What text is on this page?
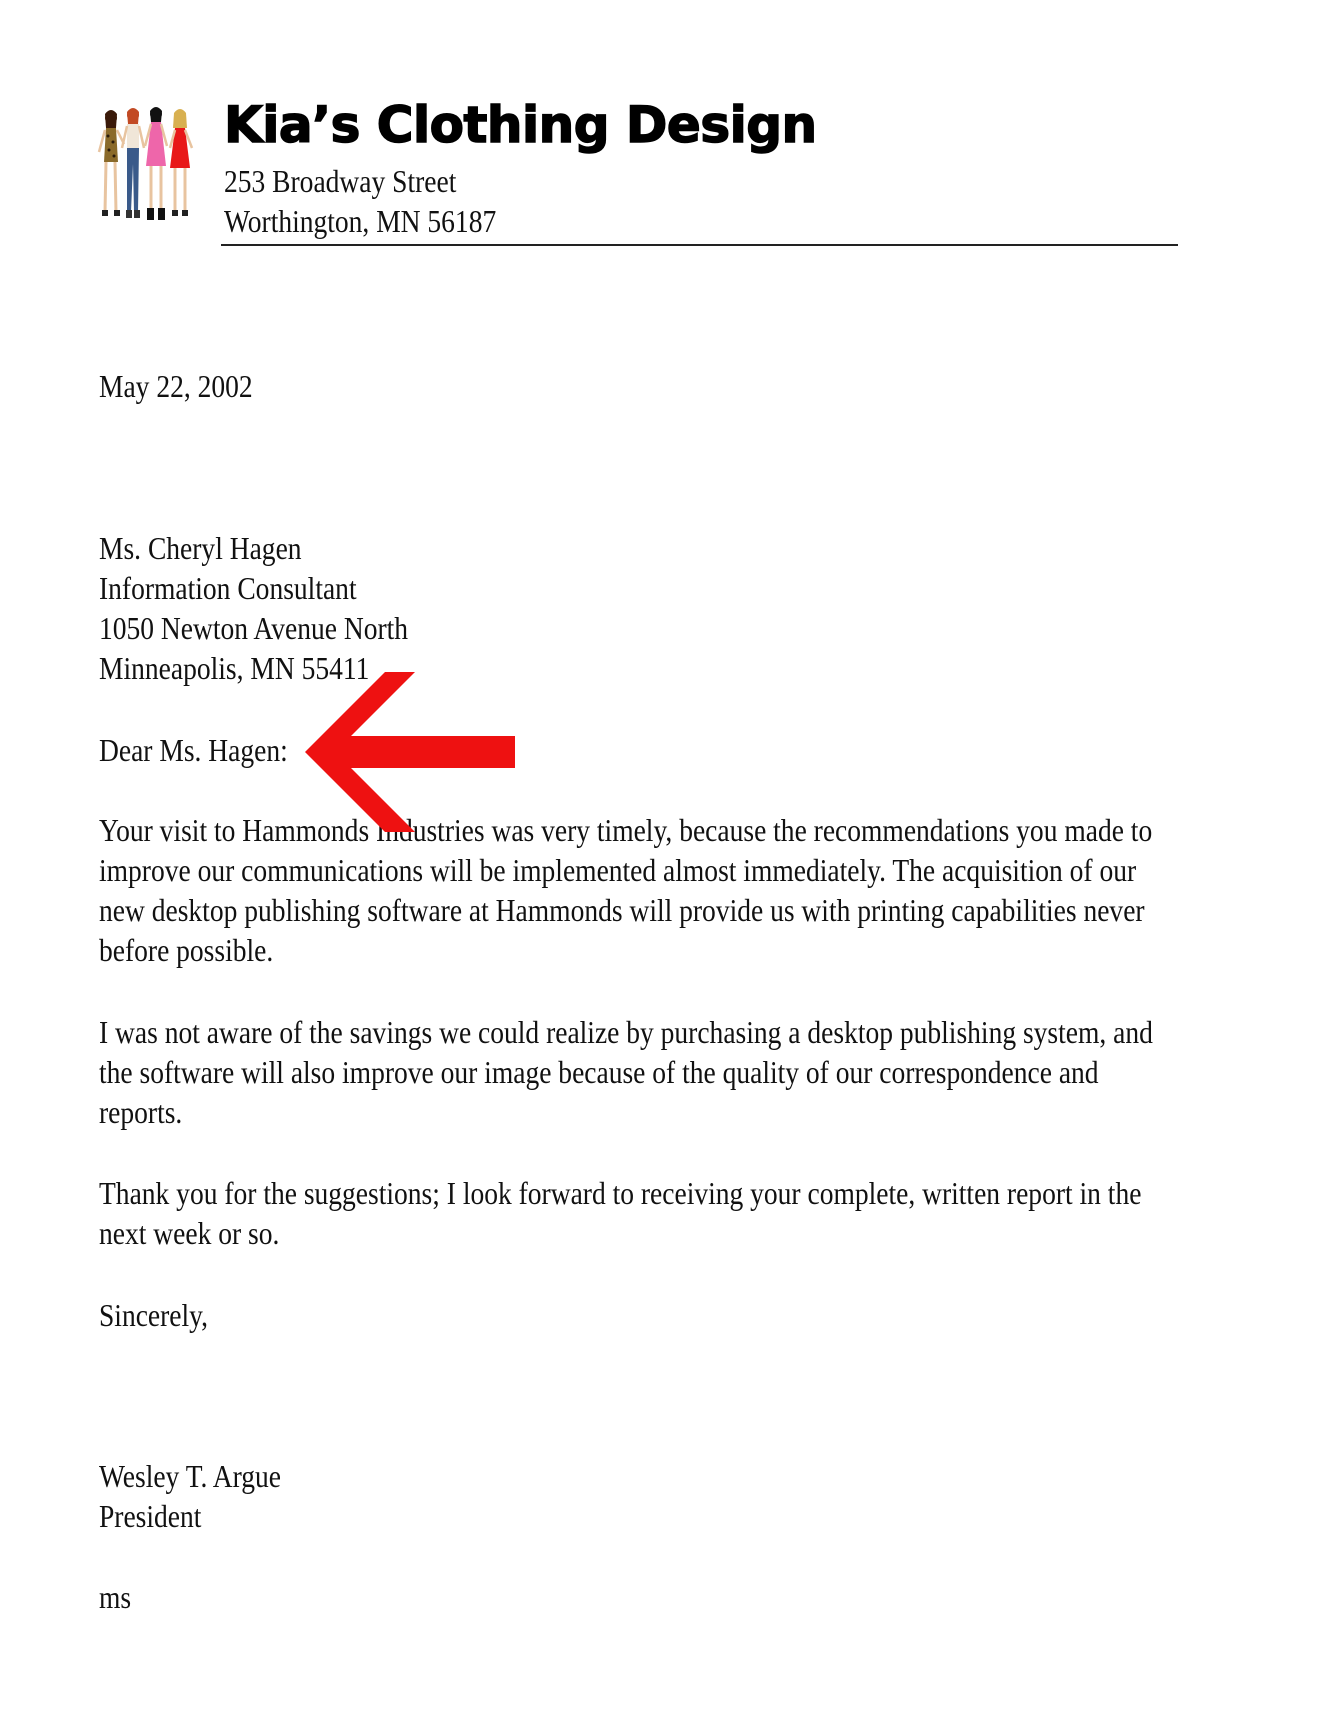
Kia’s Clothing Design
253 Broadway Street
Worthington, MN 56187
May 22, 2002
Ms. Cheryl Hagen
Information Consultant
1050 Newton Avenue North
Minneapolis, MN 55411
Dear Ms. Hagen:
Your visit to Hammonds Industries was very timely, because the recommendations you made to
improve our communications will be implemented almost immediately. The acquisition of our
new desktop publishing software at Hammonds will provide us with printing capabilities never
before possible.
I was not aware of the savings we could realize by purchasing a desktop publishing system, and
the software will also improve our image because of the quality of our correspondence and
reports.
Thank you for the suggestions; I look forward to receiving your complete, written report in the
next week or so.
Sincerely,
Wesley T. Argue
President
ms
